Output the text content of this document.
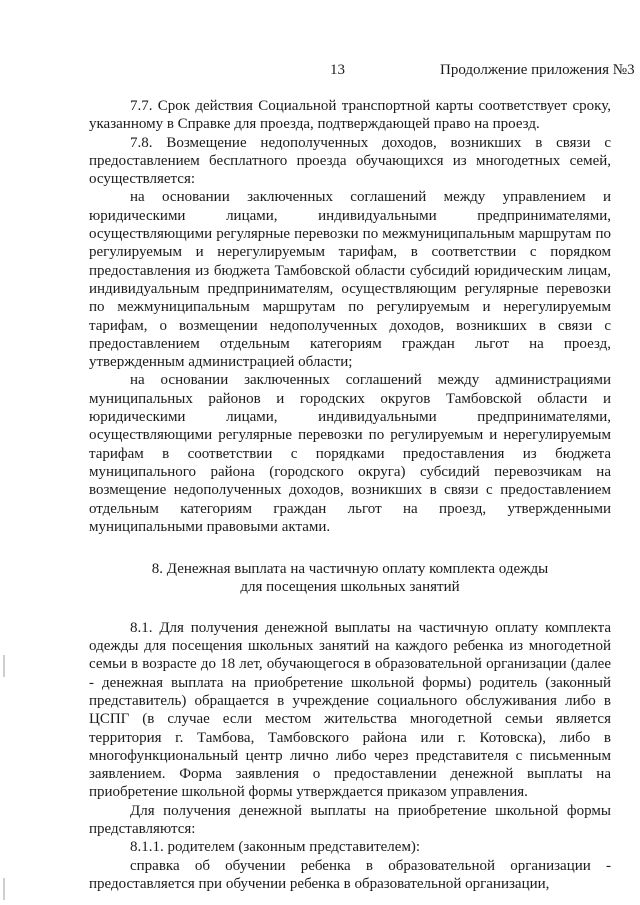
13	Продолжение приложения №3

7.7. Срок действия Социальной транспортной карты соответствует сроку, указанному в Справке для проезда, подтверждающей право на проезд.

7.8. Возмещение недополученных доходов, возникших в связи с предоставлением бесплатного проезда обучающихся из многодетных семей, осуществляется:

на основании заключенных соглашений между управлением и юридическими лицами, индивидуальными предпринимателями, осуществляющими регулярные перевозки по межмуниципальным маршрутам по регулируемым и нерегулируемым тарифам, в соответствии с порядком предоставления из бюджета Тамбовской области субсидий юридическим лицам, индивидуальным предпринимателям, осуществляющим регулярные перевозки по межмуниципальным маршрутам по регулируемым и нерегулируемым тарифам, о возмещении недополученных доходов, возникших в связи с предоставлением отдельным категориям граждан льгот на проезд, утвержденным администрацией области;

на основании заключенных соглашений между администрациями муниципальных районов и городских округов Тамбовской области и юридическими лицами, индивидуальными предпринимателями, осуществляющими регулярные перевозки по регулируемым и нерегулируемым тарифам в соответствии с порядками предоставления из бюджета муниципального района (городского округа) субсидий перевозчикам на возмещение недополученных доходов, возникших в связи с предоставлением отдельным категориям граждан льгот на проезд, утвержденными муниципальными правовыми актами.

8. Денежная выплата на частичную оплату комплекта одежды
для посещения школьных занятий

8.1. Для получения денежной выплаты на частичную оплату комплекта одежды для посещения школьных занятий на каждого ребенка из многодетной семьи в возрасте до 18 лет, обучающегося в образовательной организации (далее - денежная выплата на приобретение школьной формы) родитель (законный представитель) обращается в учреждение социального обслуживания либо в ЦСПГ (в случае если местом жительства многодетной семьи является территория г. Тамбова, Тамбовского района или г. Котовска), либо в многофункциональный центр лично либо через представителя с письменным заявлением. Форма заявления о предоставлении денежной выплаты на приобретение школьной формы утверждается приказом управления.

Для получения денежной выплаты на приобретение школьной формы представляются:

8.1.1. родителем (законным представителем):

справка об обучении ребенка в образовательной организации - предоставляется при обучении ребенка в образовательной организации,
